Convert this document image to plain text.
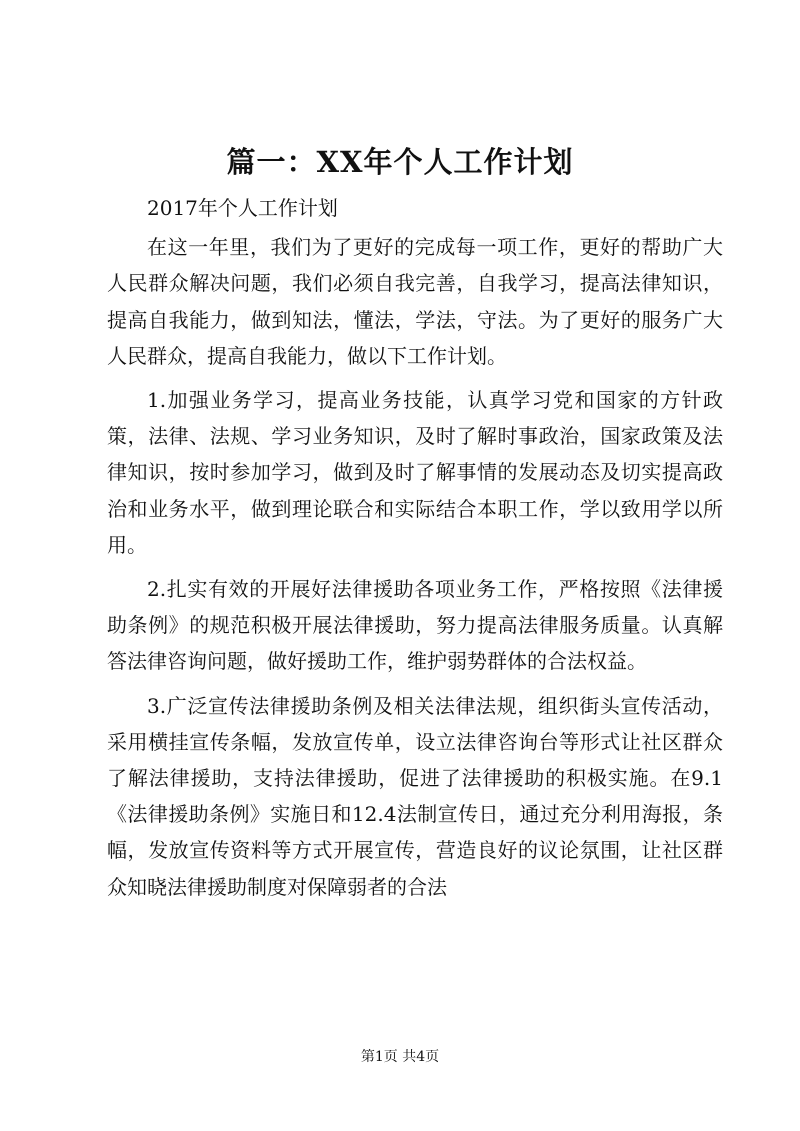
篇一：XX年个人工作计划

2017年个人工作计划

在这一年里，我们为了更好的完成每一项工作，更好的帮助广大人民群众解决问题，我们必须自我完善，自我学习，提高法律知识，提高自我能力，做到知法，懂法，学法，守法。为了更好的服务广大人民群众，提高自我能力，做以下工作计划。

1.加强业务学习，提高业务技能，认真学习党和国家的方针政策，法律、法规、学习业务知识，及时了解时事政治，国家政策及法律知识，按时参加学习，做到及时了解事情的发展动态及切实提高政治和业务水平，做到理论联合和实际结合本职工作，学以致用学以所用。

2.扎实有效的开展好法律援助各项业务工作，严格按照《法律援助条例》的规范积极开展法律援助，努力提高法律服务质量。认真解答法律咨询问题，做好援助工作，维护弱势群体的合法权益。

3.广泛宣传法律援助条例及相关法律法规，组织街头宣传活动，采用横挂宣传条幅，发放宣传单，设立法律咨询台等形式让社区群众了解法律援助，支持法律援助，促进了法律援助的积极实施。在9.1《法律援助条例》实施日和12.4法制宣传日，通过充分利用海报，条幅，发放宣传资料等方式开展宣传，营造良好的议论氛围，让社区群众知晓法律援助制度对保障弱者的合法

第1页 共4页
